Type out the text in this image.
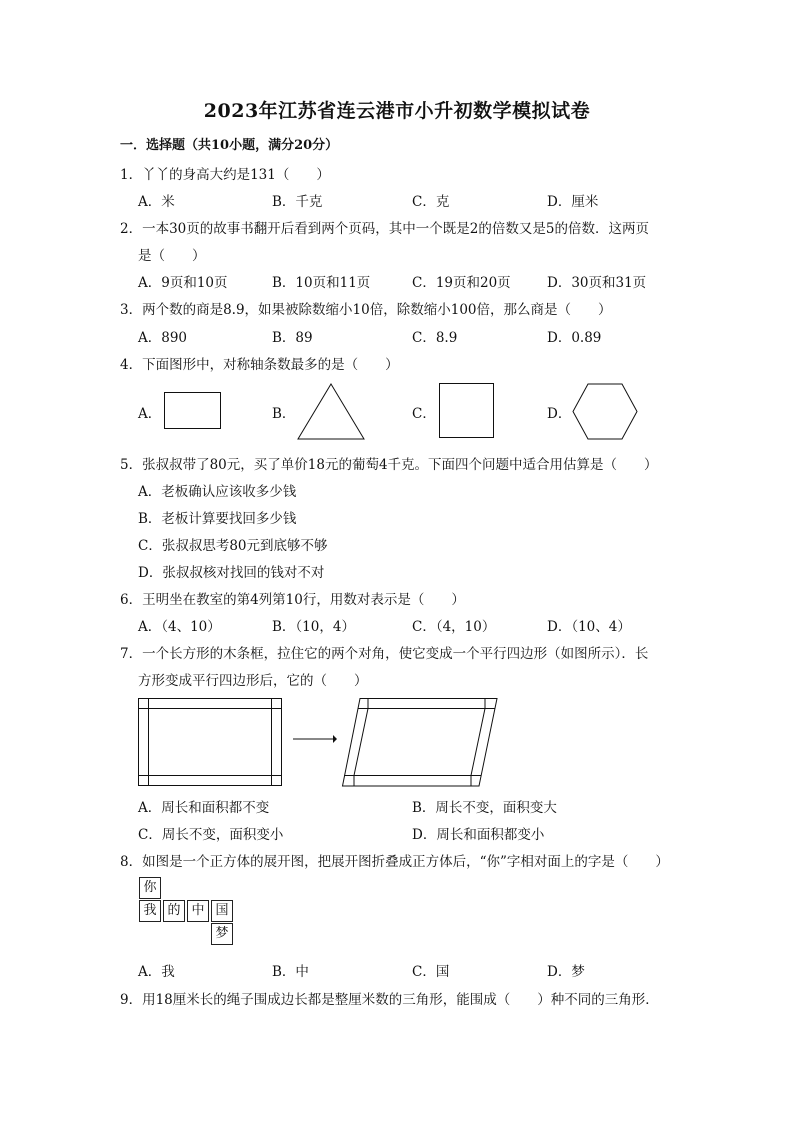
2023年江苏省连云港市小升初数学模拟试卷
一．选择题（共10小题，满分20分）
1．丫丫的身高大约是131（　　）
A．米	B．千克	C．克	D．厘米
2．一本30页的故事书翻开后看到两个页码，其中一个既是2的倍数又是5的倍数．这两页
是（　　）
A．9页和10页	B．10页和11页	C．19页和20页	D．30页和31页
3．两个数的商是8.9，如果被除数缩小10倍，除数缩小100倍，那么商是（　　）
A．890	B．89	C．8.9	D．0.89
4．下面图形中，对称轴条数最多的是（　　）
A．	B．	C．	D．
5．张叔叔带了80元，买了单价18元的葡萄4千克。下面四个问题中适合用估算是（　　）
A．老板确认应该收多少钱
B．老板计算要找回多少钱
C．张叔叔思考80元到底够不够
D．张叔叔核对找回的钱对不对
6．王明坐在教室的第4列第10行，用数对表示是（　　）
A．（4、10）	B．（10，4）	C．（4，10）	D．（10、4）
7．一个长方形的木条框，拉住它的两个对角，使它变成一个平行四边形（如图所示）．长
方形变成平行四边形后，它的（　　）
A．周长和面积都不变	B．周长不变，面积变大
C．周长不变，面积变小	D．周长和面积都变小
8．如图是一个正方体的展开图，把展开图折叠成正方体后，“你”字相对面上的字是（　　）
你
我 的 中 国
梦
A．我	B．中	C．国	D．梦
9．用18厘米长的绳子围成边长都是整厘米数的三角形，能围成（　　）种不同的三角形．
